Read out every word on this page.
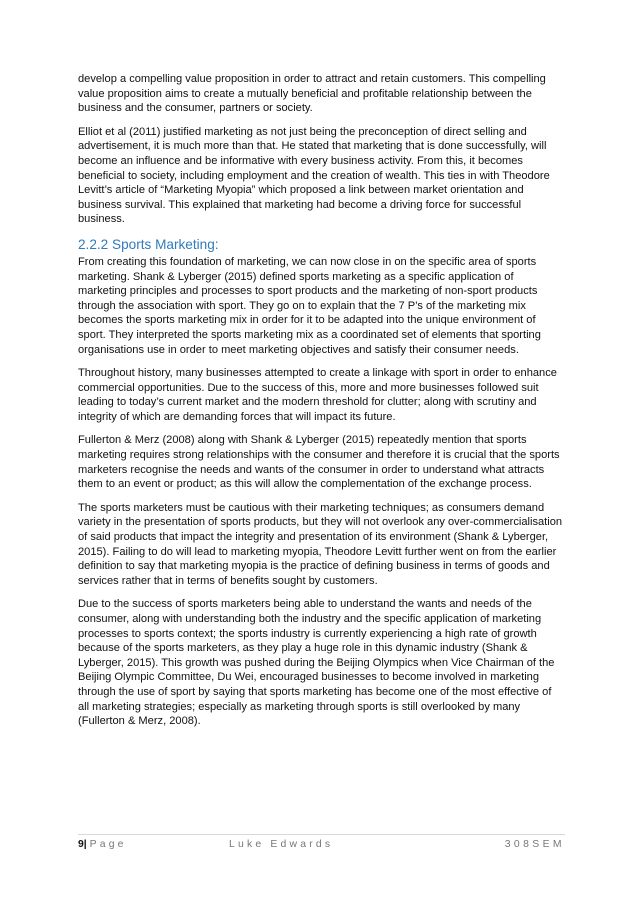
develop a compelling value proposition in order to attract and retain customers. This compelling value proposition aims to create a mutually beneficial and profitable relationship between the business and the consumer, partners or society.

Elliot et al (2011) justified marketing as not just being the preconception of direct selling and advertisement, it is much more than that. He stated that marketing that is done successfully, will become an influence and be informative with every business activity. From this, it becomes beneficial to society, including employment and the creation of wealth. This ties in with Theodore Levitt’s article of “Marketing Myopia” which proposed a link between market orientation and business survival. This explained that marketing had become a driving force for successful business.

2.2.2 Sports Marketing:

From creating this foundation of marketing, we can now close in on the specific area of sports marketing. Shank & Lyberger (2015) defined sports marketing as a specific application of marketing principles and processes to sport products and the marketing of non-sport products through the association with sport. They go on to explain that the 7 P’s of the marketing mix becomes the sports marketing mix in order for it to be adapted into the unique environment of sport. They interpreted the sports marketing mix as a coordinated set of elements that sporting organisations use in order to meet marketing objectives and satisfy their consumer needs.

Throughout history, many businesses attempted to create a linkage with sport in order to enhance commercial opportunities. Due to the success of this, more and more businesses followed suit leading to today’s current market and the modern threshold for clutter; along with scrutiny and integrity of which are demanding forces that will impact its future.

Fullerton & Merz (2008) along with Shank & Lyberger (2015) repeatedly mention that sports marketing requires strong relationships with the consumer and therefore it is crucial that the sports marketers recognise the needs and wants of the consumer in order to understand what attracts them to an event or product; as this will allow the complementation of the exchange process.

The sports marketers must be cautious with their marketing techniques; as consumers demand variety in the presentation of sports products, but they will not overlook any over-commercialisation of said products that impact the integrity and presentation of its environment (Shank & Lyberger, 2015). Failing to do will lead to marketing myopia, Theodore Levitt further went on from the earlier definition to say that marketing myopia is the practice of defining business in terms of goods and services rather that in terms of benefits sought by customers.

Due to the success of sports marketers being able to understand the wants and needs of the consumer, along with understanding both the industry and the specific application of marketing processes to sports context; the sports industry is currently experiencing a high rate of growth because of the sports marketers, as they play a huge role in this dynamic industry (Shank & Lyberger, 2015). This growth was pushed during the Beijing Olympics when Vice Chairman of the Beijing Olympic Committee, Du Wei, encouraged businesses to become involved in marketing through the use of sport by saying that sports marketing has become one of the most effective of all marketing strategies; especially as marketing through sports is still overlooked by many (Fullerton & Merz, 2008).

9| Page	Luke Edwards	308SEM
